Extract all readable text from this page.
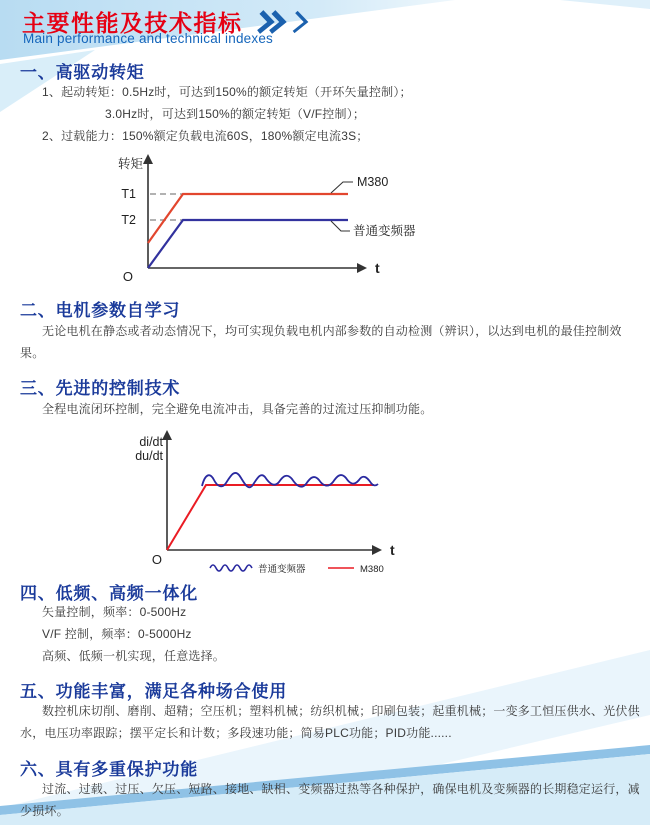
主要性能及技术指标
Main performance and technical indexes
一、高驱动转矩
1、起动转矩：0.5Hz时，可达到150%的额定转矩（开环矢量控制）；
3.0Hz时，可达到150%的额定转矩（V/F控制）；
2、过载能力：150%额定负载电流60S，180%额定电流3S；
转矩
t
O
T1
T2
M380
普通变频器
二、电机参数自学习

无论电机在静态或者动态情况下，均可实现负载电机内部参数的自动检测（辨识），以达到电机的最佳控制效果。

三、先进的控制技术

全程电流闭环控制，完全避免电流冲击，具备完善的过流过压抑制功能。

di/dt
du/dt
t
O
普通变频器	M380
四、低频、高频一体化
矢量控制，频率：0-500Hz
V/F 控制，频率：0-5000Hz
高频、低频一机实现，任意选择。
五、功能丰富，满足各种场合使用

数控机床切削、磨削、超精；空压机；塑料机械；纺织机械；印刷包装；起重机械；一变多工恒压供水、光伏供水，电压功率跟踪；摆平定长和计数；多段速功能；简易PLC功能；PID功能......

六、具有多重保护功能

过流、过载、过压、欠压、短路、接地、缺相、变频器过热等各种保护，确保电机及变频器的长期稳定运行，减少损坏。
